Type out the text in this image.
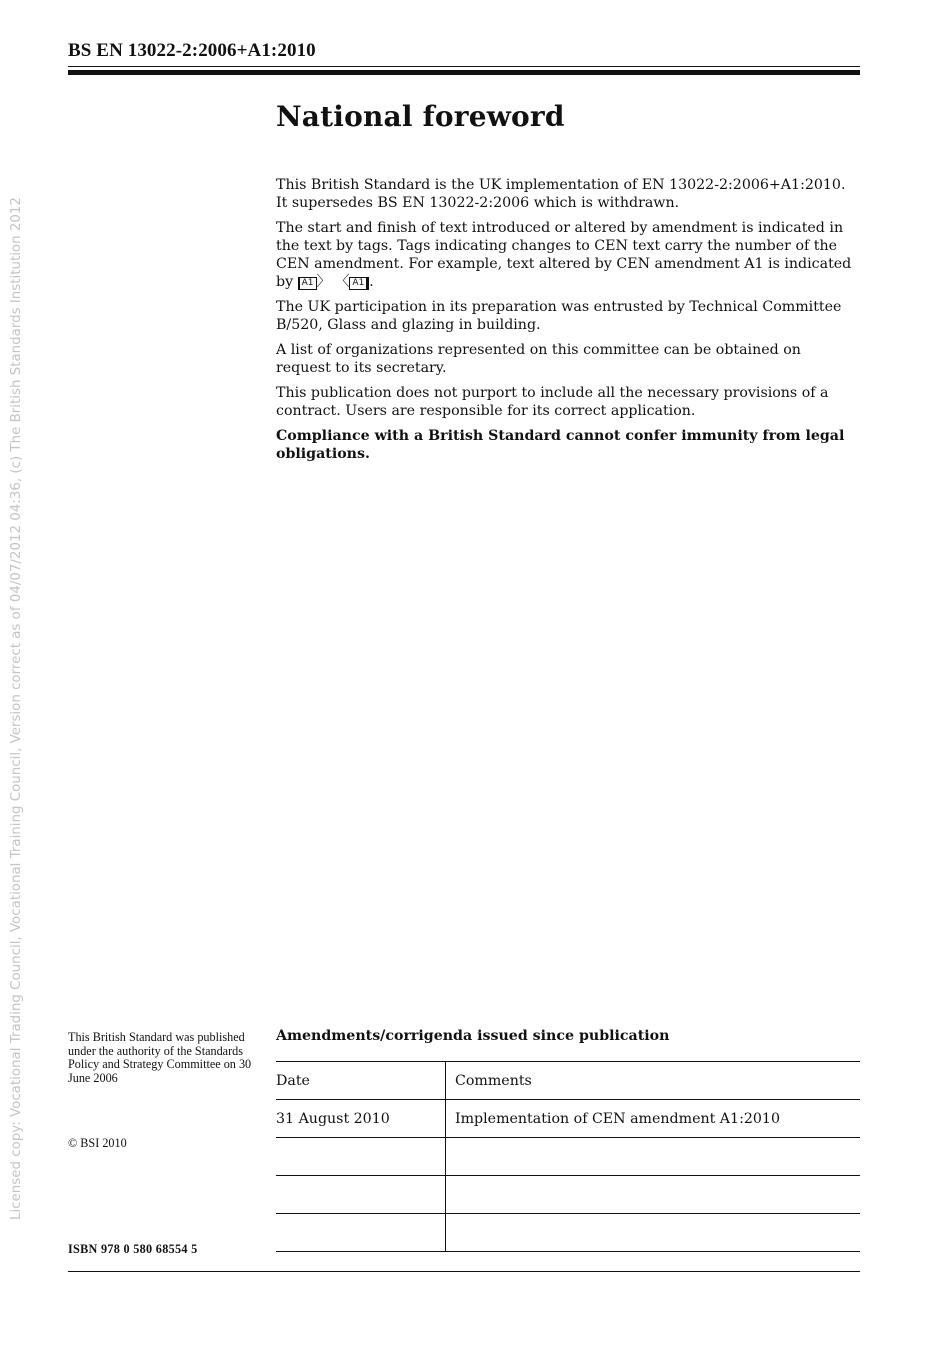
Licensed copy: Vocational Trading Council, Vocational Training Council, Version correct as of 04/07/2012 04:36, (c) The British Standards Institution 2012
BS EN 13022-2:2006+A1:2010
National foreword

This British Standard is the UK implementation of EN 13022-2:2006+A1:2010. It supersedes BS EN 13022-2:2006 which is withdrawn.

The start and finish of text introduced or altered by amendment is indicated in the text by tags. Tags indicating changes to CEN text carry the number of the CEN amendment. For example, text altered by CEN amendment A1 is indicated by A1 〉 〈 A1 .

The UK participation in its preparation was entrusted by Technical Committee B/520, Glass and glazing in building.

A list of organizations represented on this committee can be obtained on request to its secretary.

This publication does not purport to include all the necessary provisions of a contract. Users are responsible for its correct application.

Compliance with a British Standard cannot confer immunity from legal obligations.

This British Standard was published under the authority of the Standards Policy and Strategy Committee on 30 June 2006
© BSI 2010
ISBN 978 0 580 68554 5
Amendments/corrigenda issued since publication
Date	Comments
31 August 2010	Implementation of CEN amendment A1:2010
